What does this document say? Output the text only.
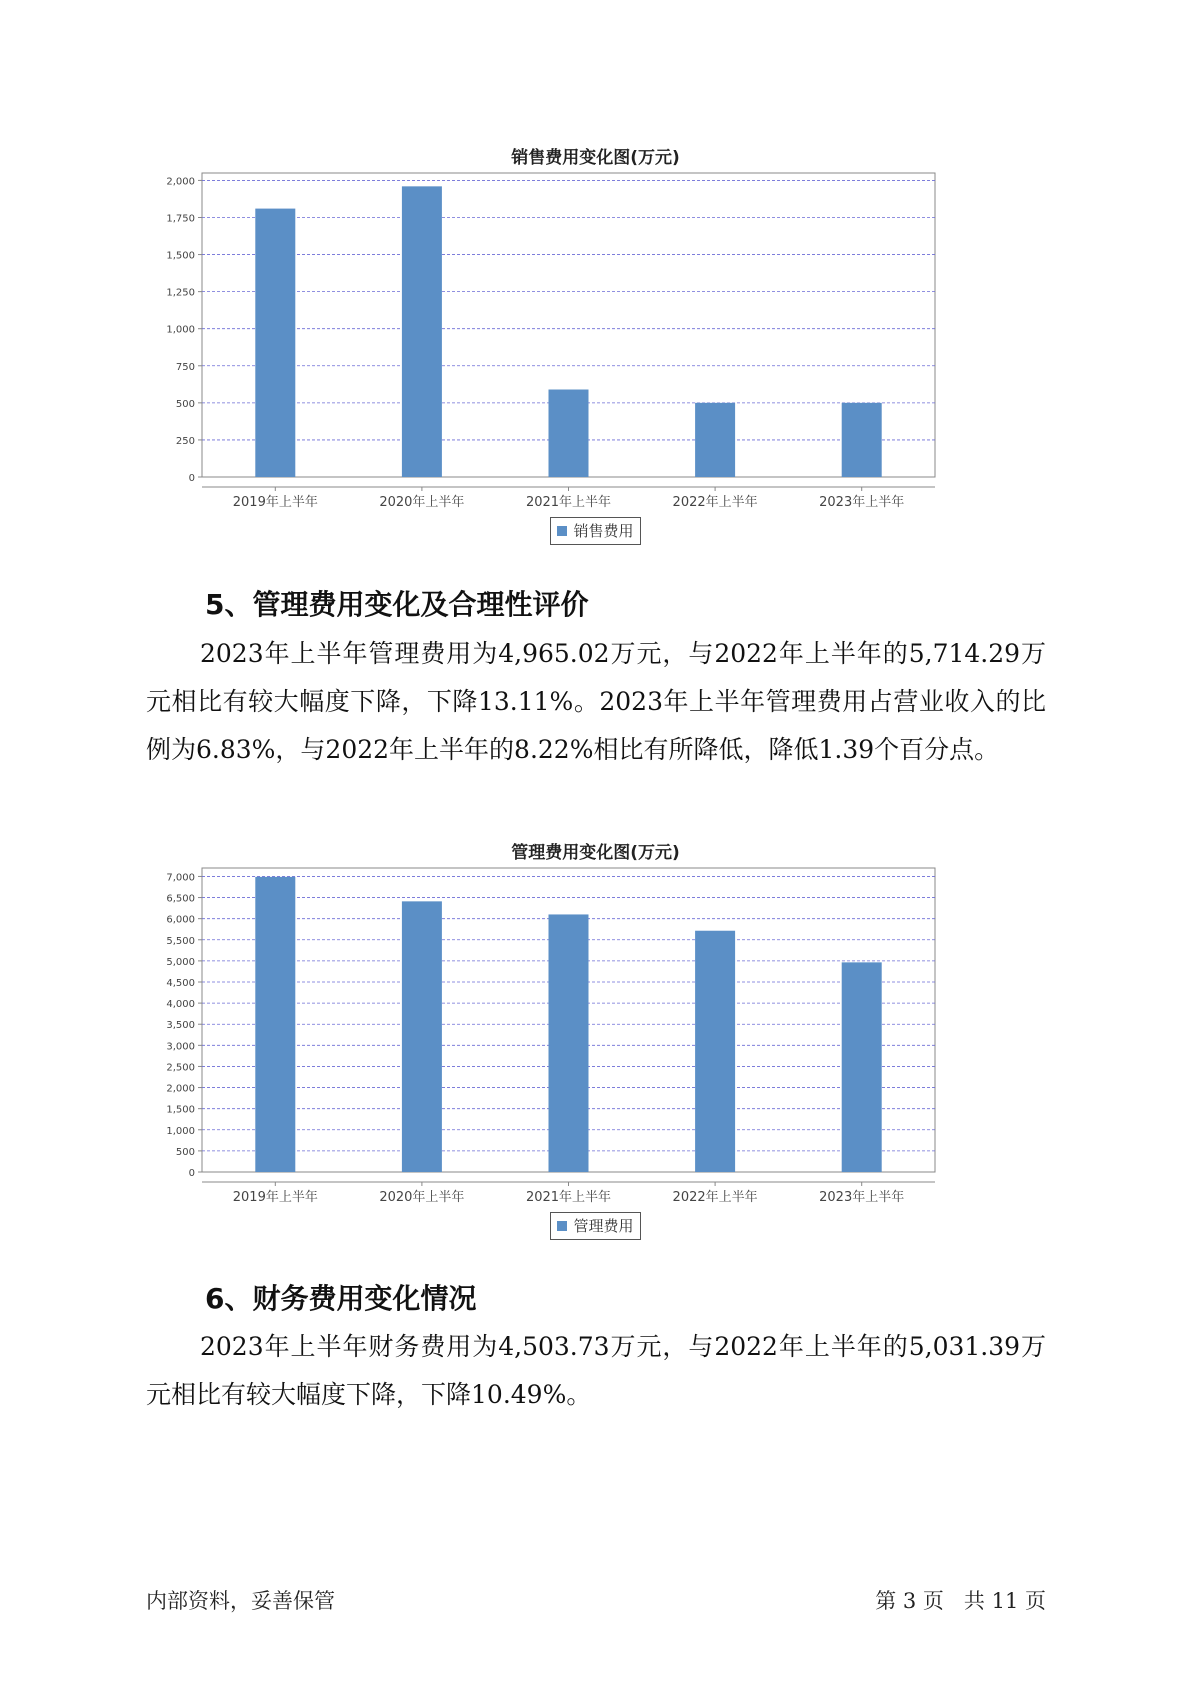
销售费用变化图(万元)
0
250
500
750
1,000
1,250
1,500
1,750
2,000
2019年上半年	2020年上半年	2021年上半年	2022年上半年	2023年上半年
销售费用
5、管理费用变化及合理性评价

2023年上半年管理费用为4,965.02万元，与2022年上半年的5,714.29万元相比有较大幅度下降，下降13.11%。2023年上半年管理费用占营业收入的比例为6.83%，与2022年上半年的8.22%相比有所降低，降低1.39个百分点。

管理费用变化图(万元)
0
500
1,000
1,500
2,000
2,500
3,000
3,500
4,000
4,500
5,000
5,500
6,000
6,500
7,000
2019年上半年	2020年上半年	2021年上半年	2022年上半年	2023年上半年
管理费用
6、财务费用变化情况

2023年上半年财务费用为4,503.73万元，与2022年上半年的5,031.39万元相比有较大幅度下降，下降10.49%。

内部资料，妥善保管	第 3 页   共 11 页
